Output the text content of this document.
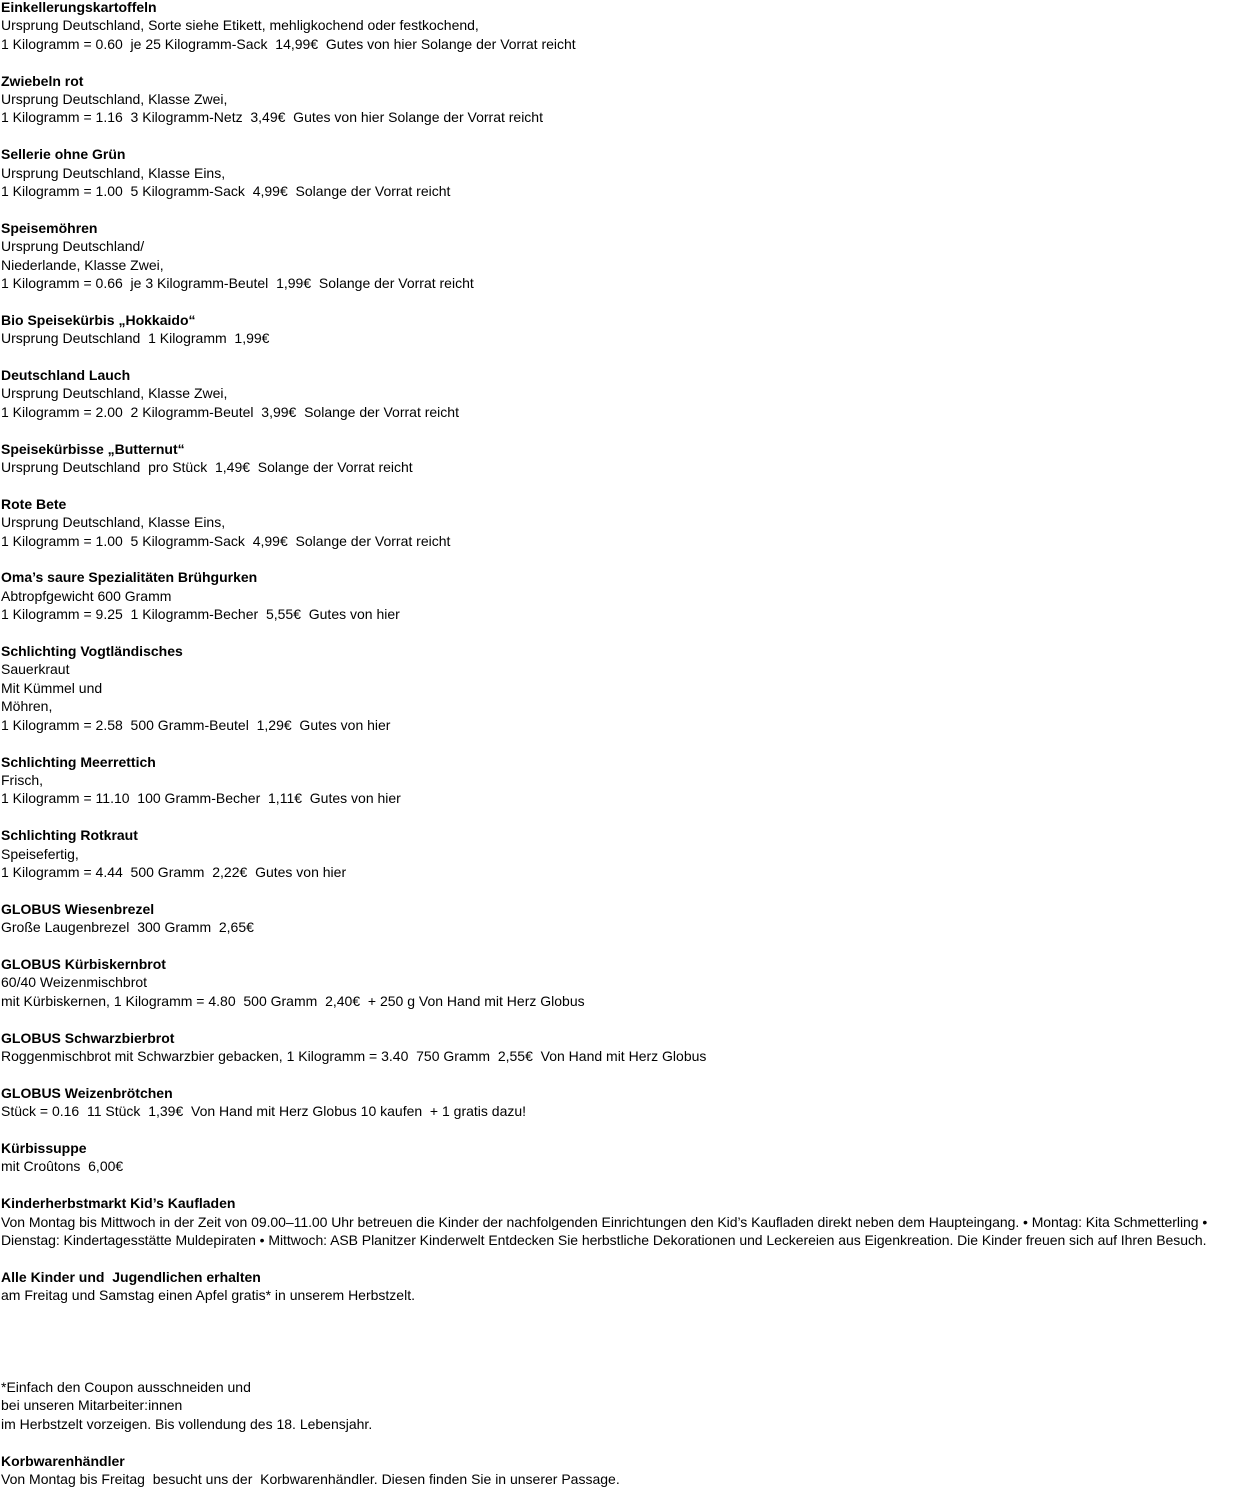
Einkellerungskartoffeln
Ursprung Deutschland, Sorte siehe Etikett, mehligkochend oder festkochend,
1 Kilogramm = 0.60  je 25 Kilogramm-Sack  14,99€  Gutes von hier Solange der Vorrat reicht
Zwiebeln rot
Ursprung Deutschland, Klasse Zwei,
1 Kilogramm = 1.16  3 Kilogramm-Netz  3,49€  Gutes von hier Solange der Vorrat reicht
Sellerie ohne Grün
Ursprung Deutschland, Klasse Eins,
1 Kilogramm = 1.00  5 Kilogramm-Sack  4,99€  Solange der Vorrat reicht
Speisemöhren
Ursprung Deutschland/
Niederlande, Klasse Zwei,
1 Kilogramm = 0.66  je 3 Kilogramm-Beutel  1,99€  Solange der Vorrat reicht
Bio Speisekürbis „Hokkaido“
Ursprung Deutschland  1 Kilogramm  1,99€
Deutschland Lauch
Ursprung Deutschland, Klasse Zwei,
1 Kilogramm = 2.00  2 Kilogramm-Beutel  3,99€  Solange der Vorrat reicht
Speisekürbisse „Butternut“
Ursprung Deutschland  pro Stück  1,49€  Solange der Vorrat reicht
Rote Bete
Ursprung Deutschland, Klasse Eins,
1 Kilogramm = 1.00  5 Kilogramm-Sack  4,99€  Solange der Vorrat reicht
Oma’s saure Spezialitäten Brühgurken
Abtropfgewicht 600 Gramm
1 Kilogramm = 9.25  1 Kilogramm-Becher  5,55€  Gutes von hier
Schlichting Vogtländisches
Sauerkraut
Mit Kümmel und
Möhren,
1 Kilogramm = 2.58  500 Gramm-Beutel  1,29€  Gutes von hier
Schlichting Meerrettich
Frisch,
1 Kilogramm = 11.10  100 Gramm-Becher  1,11€  Gutes von hier
Schlichting Rotkraut
Speisefertig,
1 Kilogramm = 4.44  500 Gramm  2,22€  Gutes von hier
GLOBUS Wiesenbrezel
Große Laugenbrezel  300 Gramm  2,65€
GLOBUS Kürbiskernbrot
60/40 Weizenmischbrot
mit Kürbiskernen, 1 Kilogramm = 4.80  500 Gramm  2,40€  + 250 g Von Hand mit Herz Globus
GLOBUS Schwarzbierbrot
Roggenmischbrot mit Schwarzbier gebacken, 1 Kilogramm = 3.40  750 Gramm  2,55€  Von Hand mit Herz Globus
GLOBUS Weizenbrötchen
Stück = 0.16  11 Stück  1,39€  Von Hand mit Herz Globus 10 kaufen  + 1 gratis dazu!
Kürbissuppe
mit Croûtons  6,00€
Kinderherbstmarkt Kid’s Kaufladen
Von Montag bis Mittwoch in der Zeit von 09.00–11.00 Uhr betreuen die Kinder der nachfolgenden Einrichtungen den Kid’s Kaufladen direkt neben dem Haupteingang. • Montag: Kita Schmetterling • Dienstag: Kindertagesstätte Muldepiraten • Mittwoch: ASB Planitzer Kinderwelt Entdecken Sie herbstliche Dekorationen und Leckereien aus Eigenkreation. Die Kinder freuen sich auf Ihren Besuch.
Alle Kinder und  Jugendlichen erhalten
am Freitag und Samstag einen Apfel gratis* in unserem Herbstzelt.
*Einfach den Coupon ausschneiden und
bei unseren Mitarbeiter:innen
im Herbstzelt vorzeigen. Bis vollendung des 18. Lebensjahr.
Korbwarenhändler
Von Montag bis Freitag  besucht uns der  Korbwarenhändler. Diesen finden Sie in unserer Passage.
